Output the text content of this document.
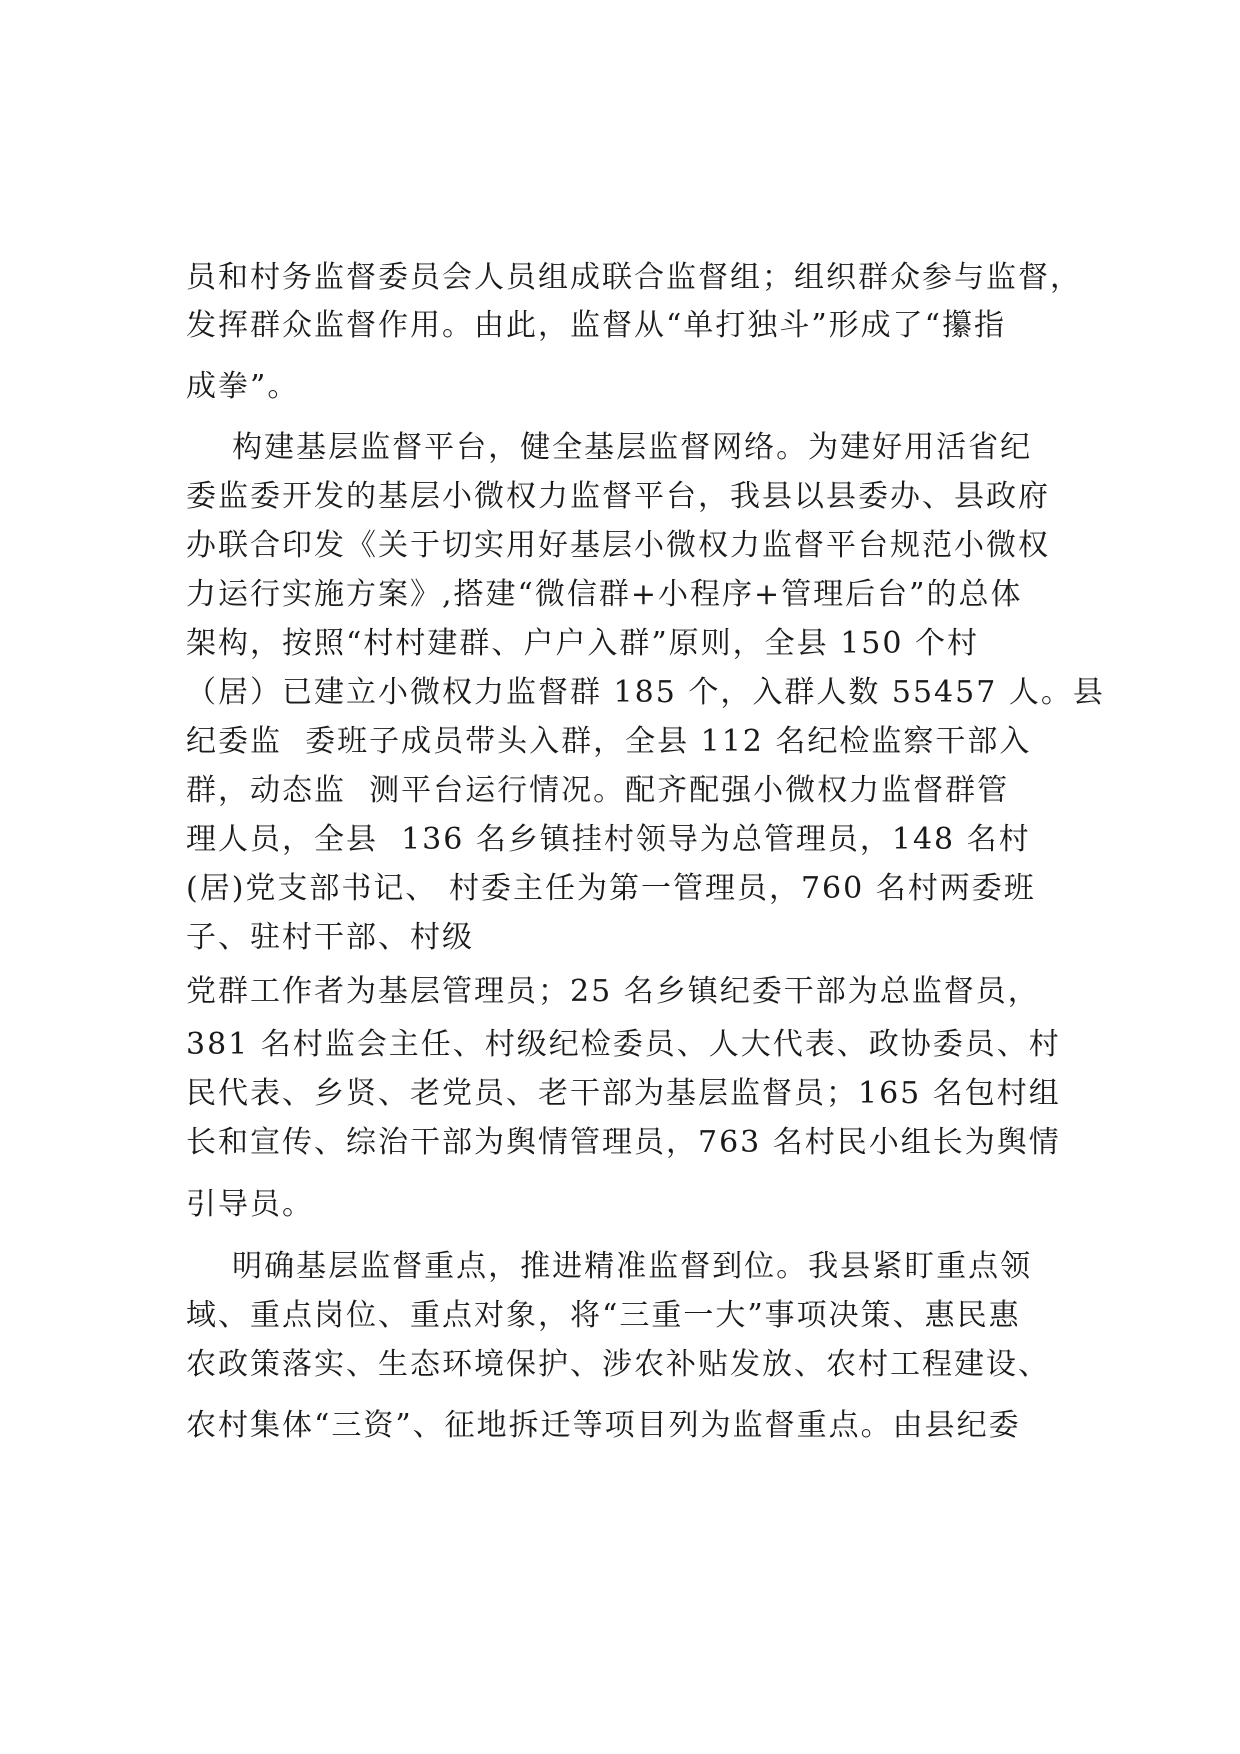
员和村务监督委员会人员组成联合监督组；组织群众参与监督，

发挥群众监督作用。由此，监督从“单打独斗”形成了“攥指

成拳”。

构建基层监督平台，健全基层监督网络。为建好用活省纪

委监委开发的基层小微权力监督平台，我县以县委办、县政府

办联合印发《关于切实用好基层小微权力监督平台规范小微权

力运行实施方案》,搭建“微信群+小程序+管理后台”的总体

架构，按照“村村建群、户户入群”原则，全县 150 个村

（居）已建立小微权力监督群 185 个，入群人数 55457 人。县

纪委监  委班子成员带头入群，全县 112 名纪检监察干部入

群，动态监  测平台运行情况。配齐配强小微权力监督群管

理人员，全县  136 名乡镇挂村领导为总管理员，148 名村

(居)党支部书记、 村委主任为第一管理员，760 名村两委班

子、驻村干部、村级

党群工作者为基层管理员；25 名乡镇纪委干部为总监督员，

381 名村监会主任、村级纪检委员、人大代表、政协委员、村

民代表、乡贤、老党员、老干部为基层监督员；165 名包村组

长和宣传、综治干部为舆情管理员，763 名村民小组长为舆情

引导员。

明确基层监督重点，推进精准监督到位。我县紧盯重点领

域、重点岗位、重点对象，将“三重一大”事项决策、惠民惠

农政策落实、生态环境保护、涉农补贴发放、农村工程建设、

农村集体“三资”、征地拆迁等项目列为监督重点。由县纪委
